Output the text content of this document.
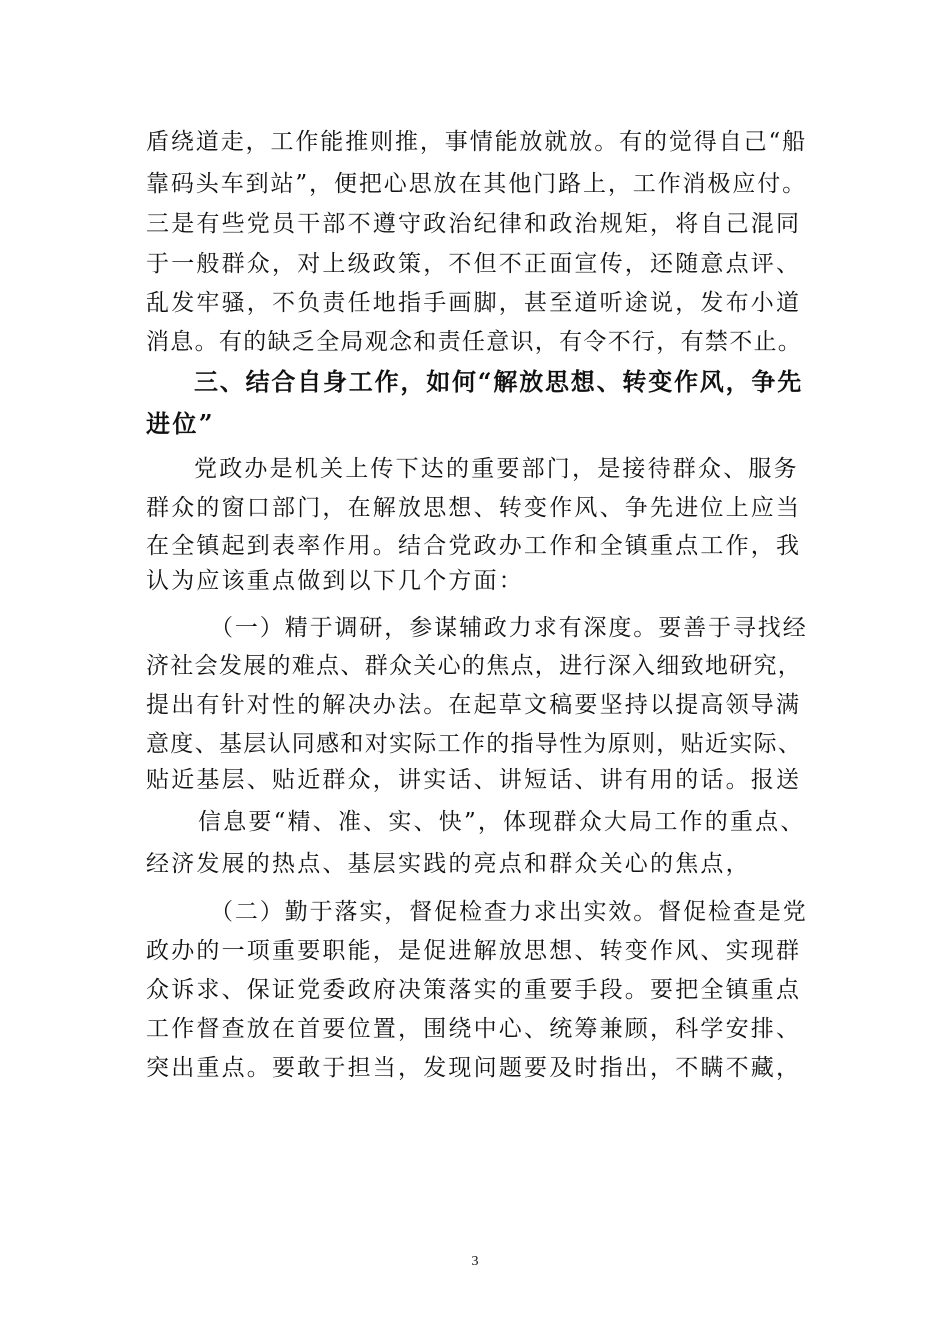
盾绕道走，工作能推则推，事情能放就放。有的觉得自己“船
靠码头车到站”，便把心思放在其他门路上，工作消极应付。
三是有些党员干部不遵守政治纪律和政治规矩，将自己混同
于一般群众，对上级政策，不但不正面宣传，还随意点评、
乱发牢骚，不负责任地指手画脚，甚至道听途说，发布小道
消息。有的缺乏全局观念和责任意识，有令不行，有禁不止。
三、结合自身工作，如何“解放思想、转变作风，争先
进位”
党政办是机关上传下达的重要部门，是接待群众、服务
群众的窗口部门，在解放思想、转变作风、争先进位上应当
在全镇起到表率作用。结合党政办工作和全镇重点工作，我
认为应该重点做到以下几个方面：
（一）精于调研，参谋辅政力求有深度。要善于寻找经
济社会发展的难点、群众关心的焦点，进行深入细致地研究，
提出有针对性的解决办法。在起草文稿要坚持以提高领导满
意度、基层认同感和对实际工作的指导性为原则，贴近实际、
贴近基层、贴近群众，讲实话、讲短话、讲有用的话。报送
信息要“精、准、实、快”，体现群众大局工作的重点、
经济发展的热点、基层实践的亮点和群众关心的焦点，
（二）勤于落实，督促检查力求出实效。督促检查是党
政办的一项重要职能，是促进解放思想、转变作风、实现群
众诉求、保证党委政府决策落实的重要手段。要把全镇重点
工作督查放在首要位置，围绕中心、统筹兼顾，科学安排、
突出重点。要敢于担当，发现问题要及时指出，不瞒不藏，
3
